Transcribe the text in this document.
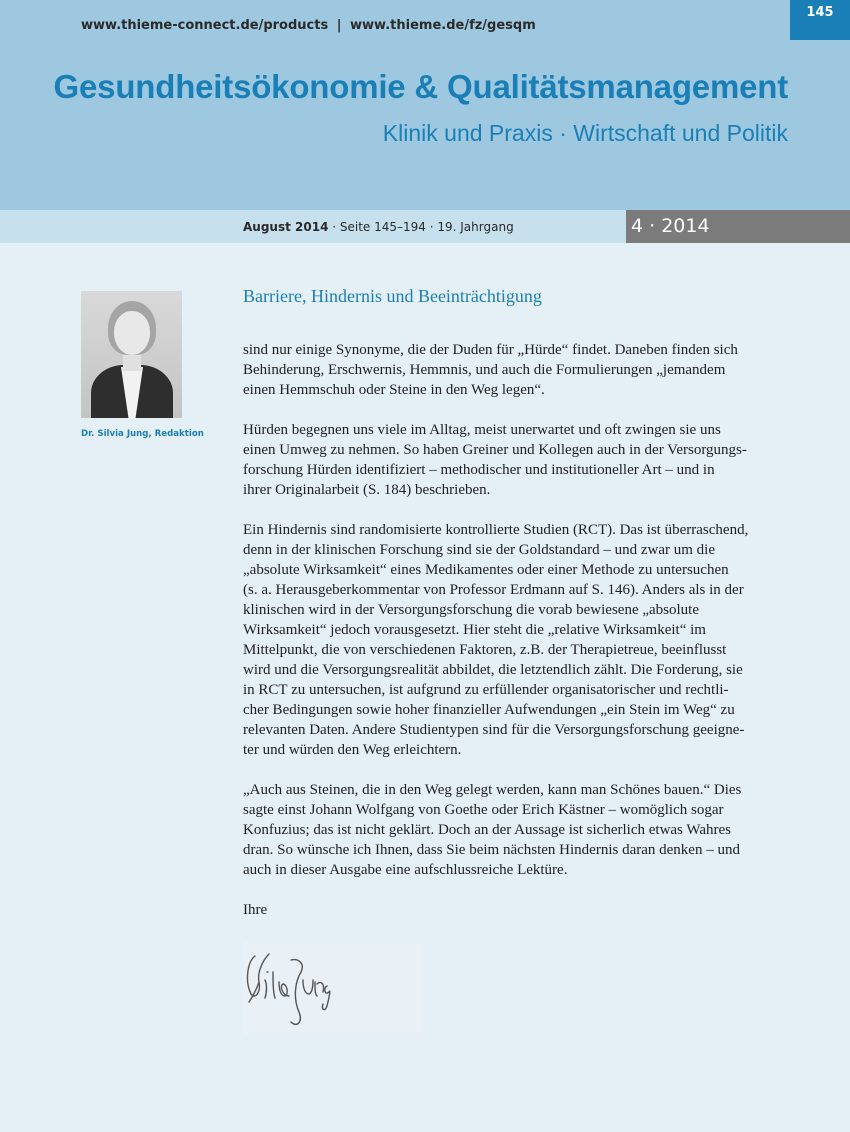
www.thieme-connect.de/products | www.thieme.de/fz/gesqm
Gesundheitsökonomie & Qualitätsmanagement
Klinik und Praxis · Wirtschaft und Politik
145
August 2014 · Seite 145–194 · 19. Jahrgang	4 · 2014
Dr. Silvia Jung, Redaktion
Barriere, Hindernis und Beeinträchtigung
sind nur einige Synonyme, die der Duden für „Hürde“ findet. Daneben finden sich
Behinderung, Erschwernis, Hemmnis, und auch die Formulierungen „jemandem
einen Hemmschuh oder Steine in den Weg legen“.
Hürden begegnen uns viele im Alltag, meist unerwartet und oft zwingen sie uns
einen Umweg zu nehmen. So haben Greiner und Kollegen auch in der Versorgungs-
forschung Hürden identifiziert – methodischer und institutioneller Art – und in
ihrer Originalarbeit (S. 184) beschrieben.
Ein Hindernis sind randomisierte kontrollierte Studien (RCT). Das ist überraschend,
denn in der klinischen Forschung sind sie der Goldstandard – und zwar um die
„absolute Wirksamkeit“ eines Medikamentes oder einer Methode zu untersuchen
(s. a. Herausgeberkommentar von Professor Erdmann auf S. 146). Anders als in der
klinischen wird in der Versorgungsforschung die vorab bewiesene „absolute
Wirksamkeit“ jedoch vorausgesetzt. Hier steht die „relative Wirksamkeit“ im
Mittelpunkt, die von verschiedenen Faktoren, z.B. der Therapietreue, beeinflusst
wird und die Versorgungsrealität abbildet, die letztendlich zählt. Die Forderung, sie
in RCT zu untersuchen, ist aufgrund zu erfüllender organisatorischer und rechtli-
cher Bedingungen sowie hoher finanzieller Aufwendungen „ein Stein im Weg“ zu
relevanten Daten. Andere Studientypen sind für die Versorgungsforschung geeigne-
ter und würden den Weg erleichtern.
„Auch aus Steinen, die in den Weg gelegt werden, kann man Schönes bauen.“ Dies
sagte einst Johann Wolfgang von Goethe oder Erich Kästner – womöglich sogar
Konfuzius; das ist nicht geklärt. Doch an der Aussage ist sicherlich etwas Wahres
dran. So wünsche ich Ihnen, dass Sie beim nächsten Hindernis daran denken – und
auch in dieser Ausgabe eine aufschlussreiche Lektüre.
Ihre
